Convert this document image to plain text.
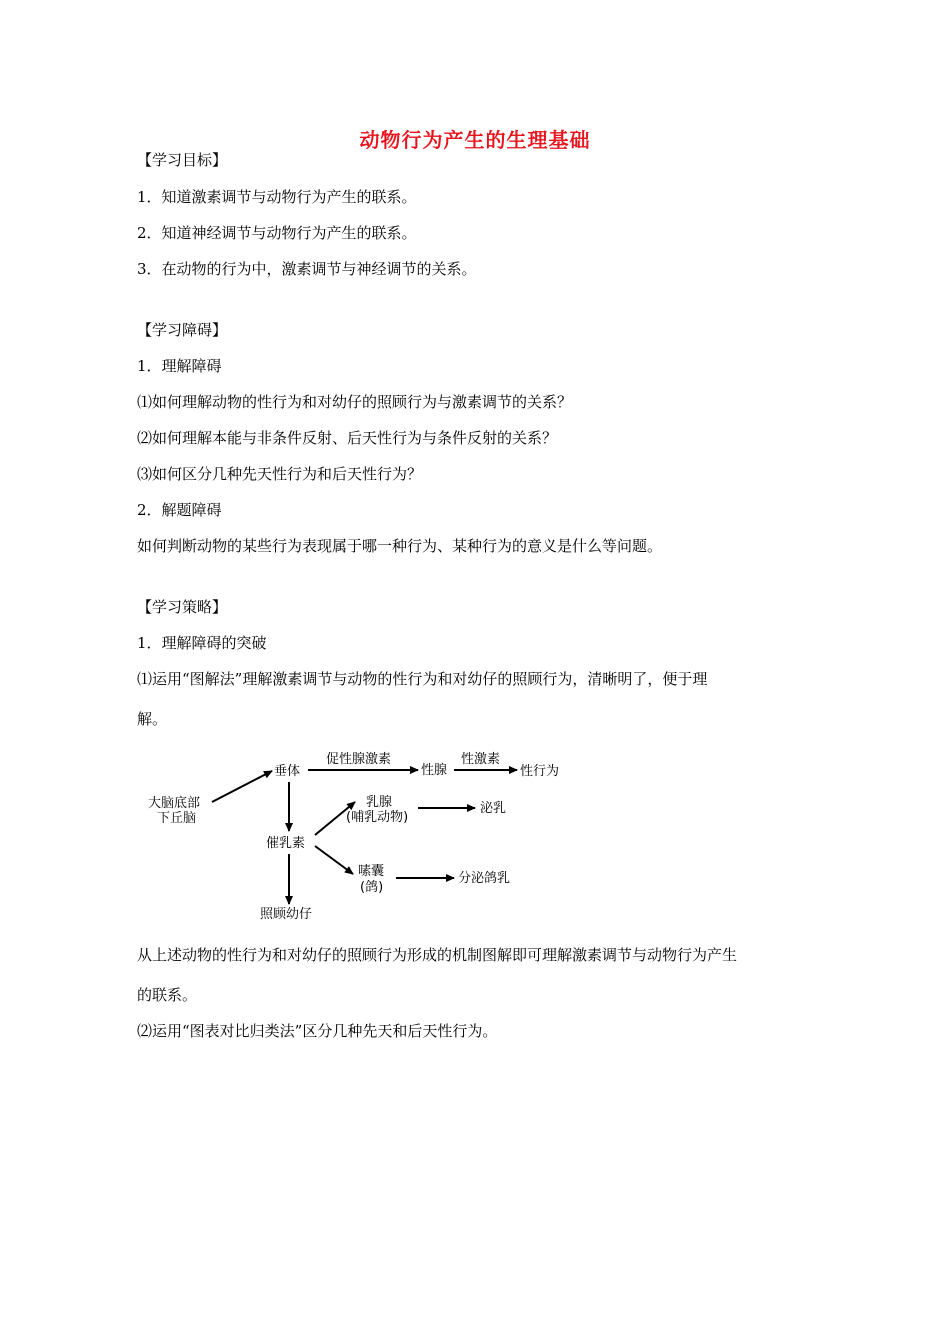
动物行为产生的生理基础
【学习目标】
1．知道激素调节与动物行为产生的联系。
2．知道神经调节与动物行为产生的联系。
3．在动物的行为中，激素调节与神经调节的关系。
【学习障碍】
1．理解障碍
⑴如何理解动物的性行为和对幼仔的照顾行为与激素调节的关系？
⑵如何理解本能与非条件反射、后天性行为与条件反射的关系？
⑶如何区分几种先天性行为和后天性行为？
2．解题障碍
如何判断动物的某些行为表现属于哪一种行为、某种行为的意义是什么等问题。
【学习策略】
1．理解障碍的突破
⑴运用“图解法”理解激素调节与动物的性行为和对幼仔的照顾行为，清晰明了，便于理
解。
大脑底部
下丘脑
垂体
促性腺激素
性腺
性激素
性行为
催乳素
乳腺
(哺乳动物)
泌乳
嗉囊
(鸽)
分泌鸽乳
照顾幼仔
从上述动物的性行为和对幼仔的照顾行为形成的机制图解即可理解激素调节与动物行为产生
的联系。
⑵运用“图表对比归类法”区分几种先天和后天性行为。
